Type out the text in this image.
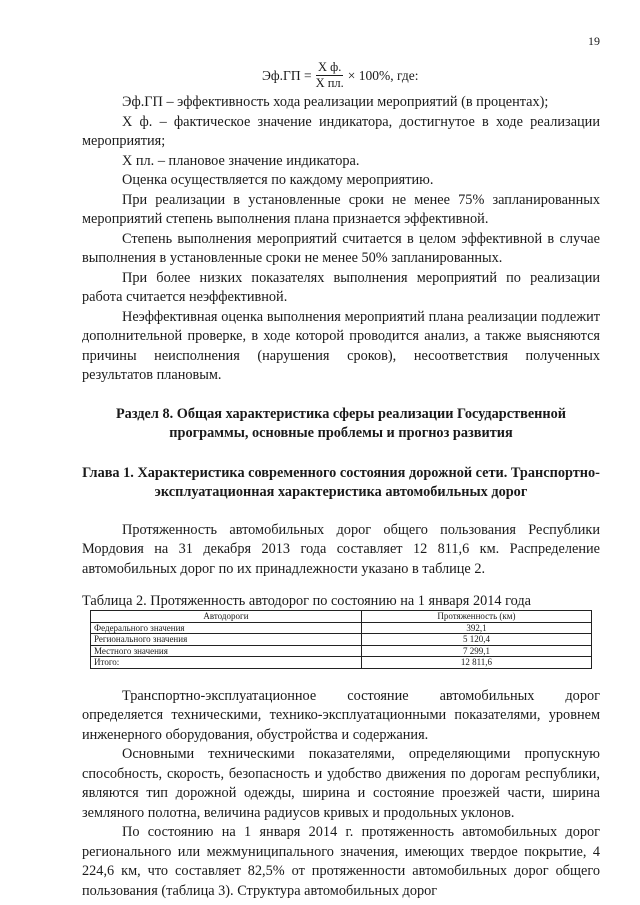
19
$Эф.ГП = \frac{\text{Х ф.}}{\text{Х пл.}} \times 100\%$, где:

Эф.ГП – эффективность хода реализации мероприятий (в процентах);

Х ф. – фактическое значение индикатора, достигнутое в ходе реализации мероприятия;

Х пл. – плановое значение индикатора.

Оценка осуществляется по каждому мероприятию.

При реализации в установленные сроки не менее 75% запланированных мероприятий степень выполнения плана признается эффективной.

Степень выполнения мероприятий считается в целом эффективной в случае выполнения в установленные сроки не менее 50% запланированных.

При более низких показателях выполнения мероприятий по реализации работа считается неэффективной.

Неэффективная оценка выполнения мероприятий плана реализации подлежит дополнительной проверке, в ходе которой проводится анализ, а также выясняются причины неисполнения (нарушения сроков), несоответствия полученных результатов плановым.

Раздел 8. Общая характеристика сферы реализации Государственной программы, основные проблемы и прогноз развития

Глава 1. Характеристика современного состояния дорожной сети. Транспортно-эксплуатационная характеристика автомобильных дорог

Протяженность автомобильных дорог общего пользования Республики Мордовия на 31 декабря 2013 года составляет 12 811,6 км. Распределение автомобильных дорог по их принадлежности указано в таблице 2.

Таблица 2. Протяженность автодорог по состоянию на 1 января 2014 года

Автодороги	Протяженность (км)
Федерального значения	392,1
Регионального значения	5 120,4
Местного значения	7 299,1
Итого:	12 811,6

Транспортно-эксплуатационное состояние автомобильных дорог определяется техническими, технико-эксплуатационными показателями, уровнем инженерного оборудования, обустройства и содержания.

Основными техническими показателями, определяющими пропускную способность, скорость, безопасность и удобство движения по дорогам республики, являются тип дорожной одежды, ширина и состояние проезжей части, ширина земляного полотна, величина радиусов кривых и продольных уклонов.

По состоянию на 1 января 2014 г. протяженность автомобильных дорог регионального или межмуниципального значения, имеющих твердое покрытие, 4 224,6 км, что составляет 82,5% от протяженности автомобильных дорог общего пользования (таблица 3). Структура автомобильных дорог
